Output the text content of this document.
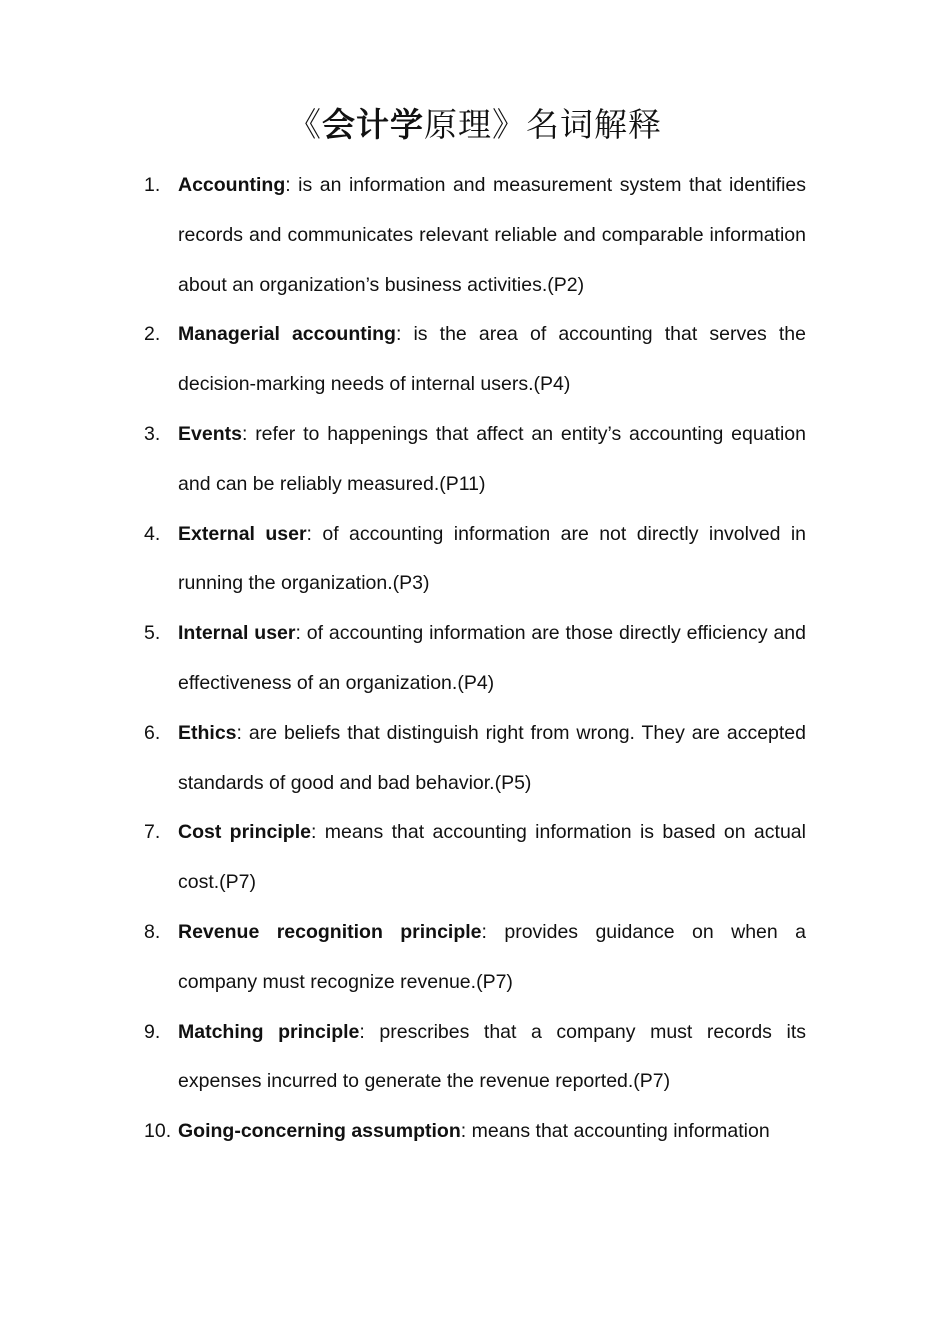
《会计学原理》名词解释
1. Accounting: is an information and measurement system that identifies records and communicates relevant reliable and comparable information about an organization’s business activities.(P2)
2. Managerial accounting: is the area of accounting that serves the decision-marking needs of internal users.(P4)
3. Events: refer to happenings that affect an entity’s accounting equation and can be reliably measured.(P11)
4. External user: of accounting information are not directly involved in running the organization.(P3)
5. Internal user: of accounting information are those directly efficiency and effectiveness of an organization.(P4)
6. Ethics: are beliefs that distinguish right from wrong. They are accepted standards of good and bad behavior.(P5)
7. Cost principle: means that accounting information is based on actual cost.(P7)
8. Revenue recognition principle: provides guidance on when a company must recognize revenue.(P7)
9. Matching principle: prescribes that a company must records its expenses incurred to generate the revenue reported.(P7)
10. Going-concerning assumption: means that accounting information
